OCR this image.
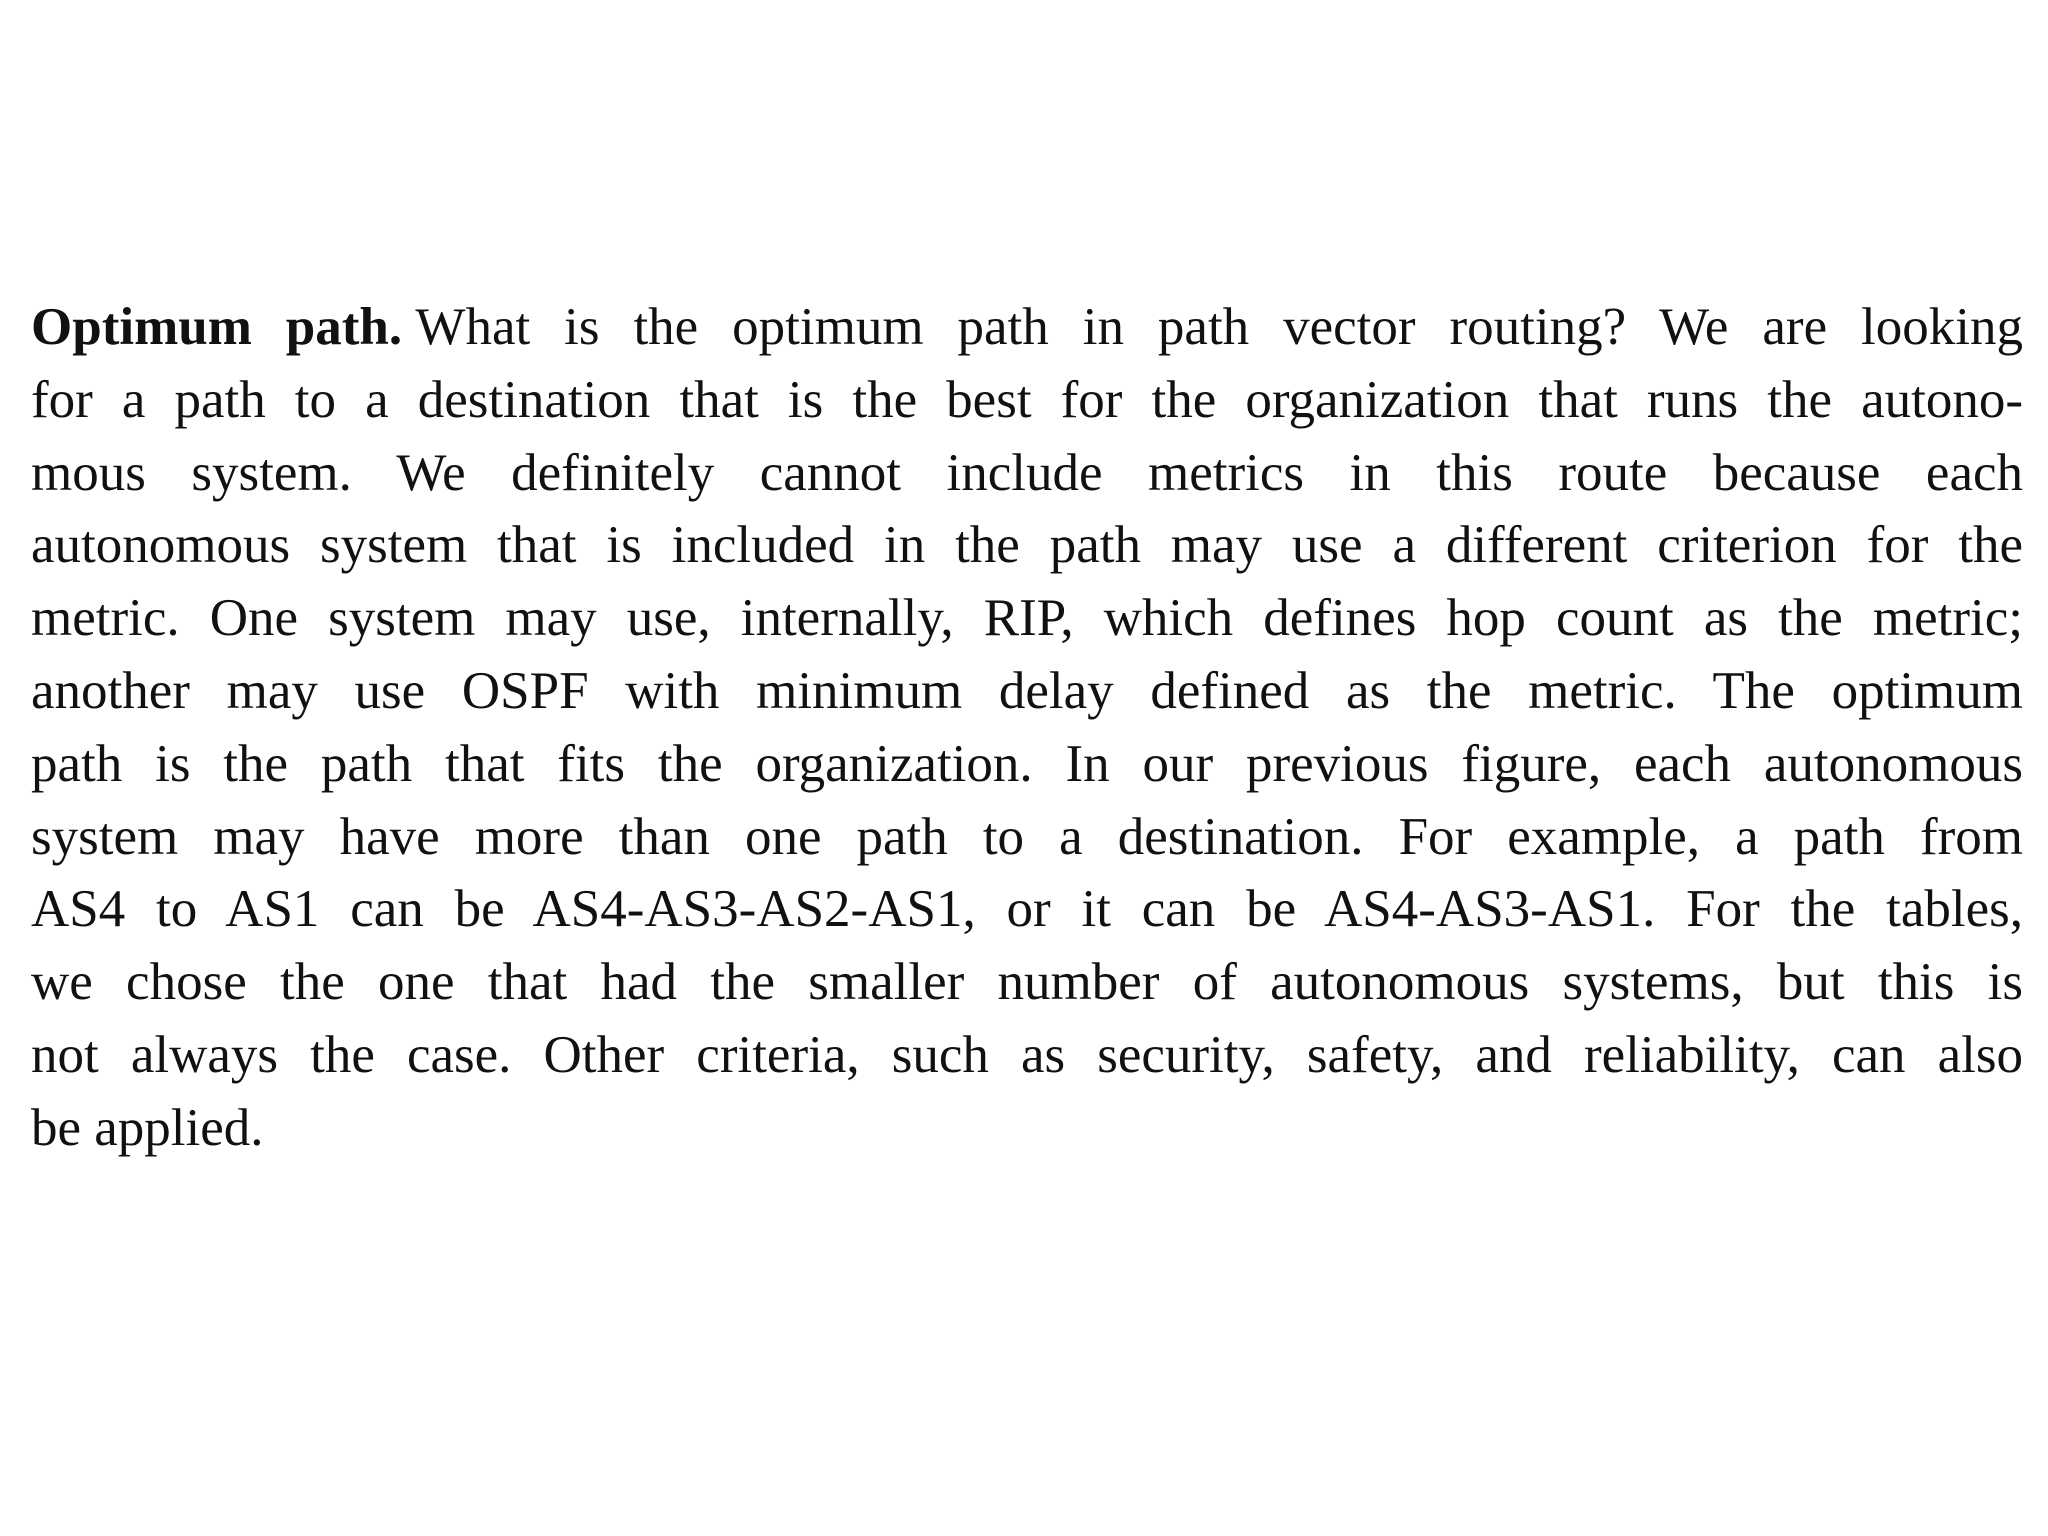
Optimum path. What is the optimum path in path vector routing? We are looking
for a path to a destination that is the best for the organization that runs the autono-
mous system. We definitely cannot include metrics in this route because each
autonomous system that is included in the path may use a different criterion for the
metric. One system may use, internally, RIP, which defines hop count as the metric;
another may use OSPF with minimum delay defined as the metric. The optimum
path is the path that fits the organization. In our previous figure, each autonomous
system may have more than one path to a destination. For example, a path from
AS4 to AS1 can be AS4-AS3-AS2-AS1, or it can be AS4-AS3-AS1. For the tables,
we chose the one that had the smaller number of autonomous systems, but this is
not always the case. Other criteria, such as security, safety, and reliability, can also
be applied.
